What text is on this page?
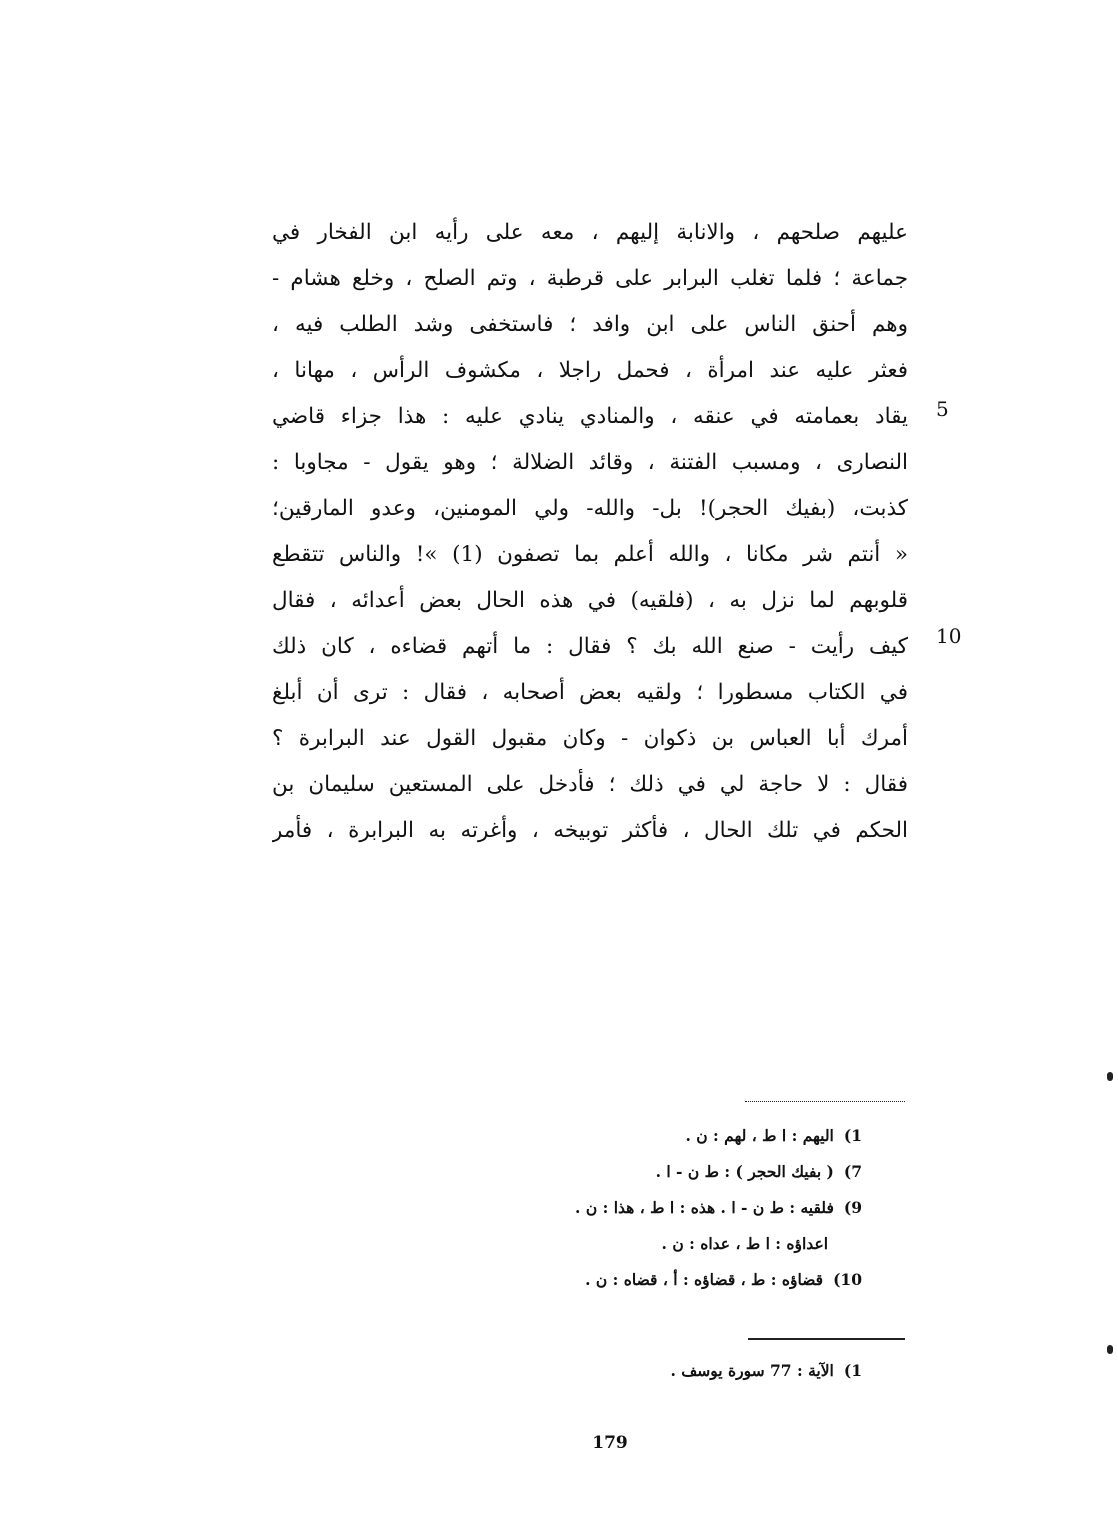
عليهم صلحهم ، والانابة إليهم ، معه على رأيه ابن الفخار في
جماعة ؛ فلما تغلب البرابر على قرطبة ، وتم الصلح ، وخلع هشام -
وهم أحنق الناس على ابن وافد ؛ فاستخفى وشد الطلب فيه ،
فعثر عليه عند امرأة ، فحمل راجلا ، مكشوف الرأس ، مهانا ،
يقاد بعمامته في عنقه ، والمنادي ينادي عليه : هذا جزاء قاضي
النصارى ، ومسبب الفتنة ، وقائد الضلالة ؛ وهو يقول - مجاوبا :
كذبت، (بفيك الحجر)! بل- والله- ولي المومنين، وعدو المارقين؛
« أنتم شر مكانا ، والله أعلم بما تصفون (1) »! والناس تتقطع
قلوبهم لما نزل به ، (فلقيه) في هذه الحال بعض أعدائه ، فقال
كيف رأيت - صنع الله بك ؟ فقال : ما أتهم قضاءه ، كان ذلك
في الكتاب مسطورا ؛ ولقيه بعض أصحابه ، فقال : ترى أن أبلغ
أمرك أبا العباس بن ذكوان - وكان مقبول القول عند البرابرة ؟
فقال : لا حاجة لي في ذلك ؛ فأدخل على المستعين سليمان بن
الحكم في تلك الحال ، فأكثر توبيخه ، وأغرته به البرابرة ، فأمر
5
10
1)اليهم : ا ط ، لهم : ن .
7)( بفيك الحجر ) : ط ن - ا .
9)فلقيه : ط ن - ا . هذه : ا ط ، هذا : ن .
اعداؤه : ا ط ، عداه : ن .
10)قضاؤه : ط ، قضاؤه : أ ، قضاه : ن .
1)الآية : 77 سورة يوسف .
179
